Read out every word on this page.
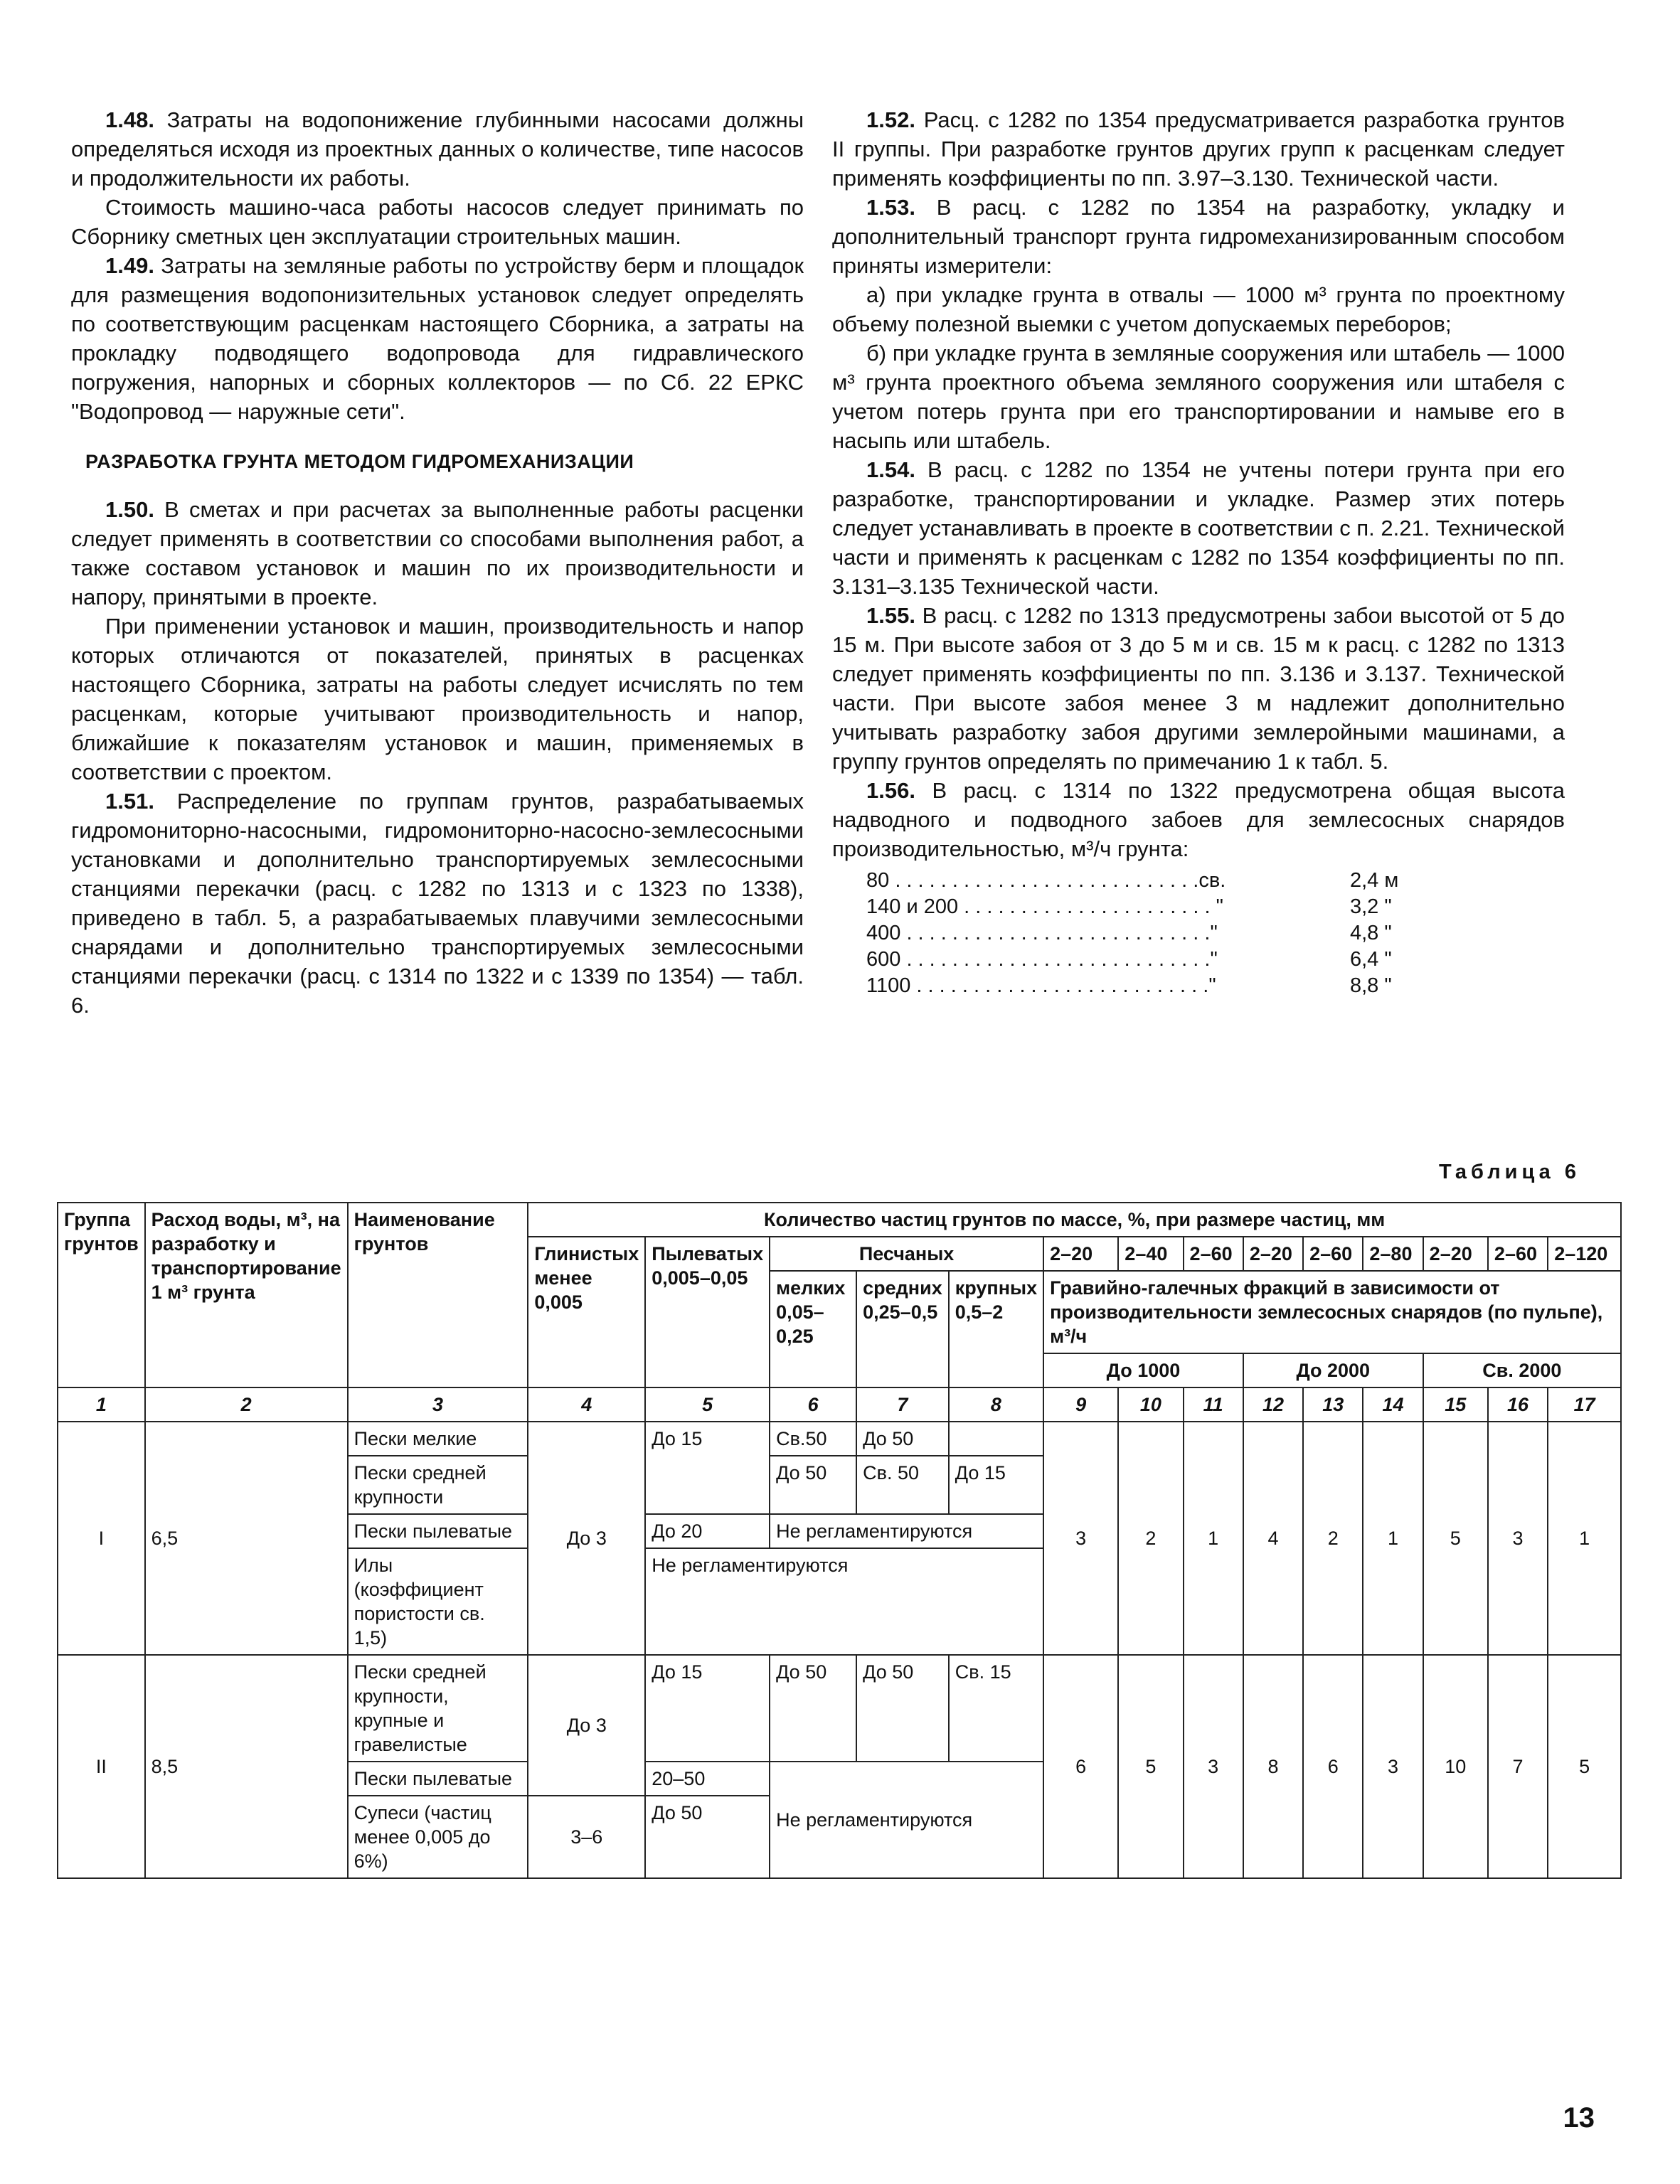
1.48. Затраты на водопонижение глубинными насосами должны определяться исходя из проектных данных о количестве, типе насосов и продолжительности их работы.

Стоимость машино-часа работы насосов следует принимать по Сборнику сметных цен эксплуатации строительных машин.

1.49. Затраты на земляные работы по устройству берм и площадок для размещения водопонизительных установок следует определять по соответствующим расценкам настоящего Сборника, а затраты на прокладку подводящего водопровода для гидравлического погружения, напорных и сборных коллекторов — по Сб. 22 ЕРКС "Водопровод — наружные сети".

РАЗРАБОТКА ГРУНТА МЕТОДОМ ГИДРОМЕХАНИЗАЦИИ

1.50. В сметах и при расчетах за выполненные работы расценки следует применять в соответствии со способами выполнения работ, а также составом установок и машин по их производительности и напору, принятыми в проекте.

При применении установок и машин, производительность и напор которых отличаются от показателей, принятых в расценках настоящего Сборника, затраты на работы следует исчислять по тем расценкам, которые учитывают производительность и напор, ближайшие к показателям установок и машин, применяемых в соответствии с проектом.

1.51. Распределение по группам грунтов, разрабатываемых гидромониторно-насосными, гидромониторно-насосно-землесосными установками и дополнительно транспортируемых землесосными станциями перекачки (расц. с 1282 по 1313 и с 1323 по 1338), приведено в табл. 5, а разрабатываемых плавучими землесосными снарядами и дополнительно транспортируемых землесосными станциями перекачки (расц. с 1314 по 1322 и с 1339 по 1354) — табл. 6.

1.52. Расц. с 1282 по 1354 предусматривается разработка грунтов II группы. При разработке грунтов других групп к расценкам следует применять коэффициенты по пп. 3.97–3.130. Технической части.

1.53. В расц. с 1282 по 1354 на разработку, укладку и дополнительный транспорт грунта гидромеханизированным способом приняты измерители:

а) при укладке грунта в отвалы — 1000 м³ грунта по проектному объему полезной выемки с учетом допускаемых переборов;

б) при укладке грунта в земляные сооружения или штабель — 1000 м³ грунта проектного объема земляного сооружения или штабеля с учетом потерь грунта при его транспортировании и намыве его в насыпь или штабель.

1.54. В расц. с 1282 по 1354 не учтены потери грунта при его разработке, транспортировании и укладке. Размер этих потерь следует устанавливать в проекте в соответствии с п. 2.21. Технической части и применять к расценкам с 1282 по 1354 коэффициенты по пп. 3.131–3.135 Технической части.

1.55. В расц. с 1282 по 1313 предусмотрены забои высотой от 5 до 15 м. При высоте забоя от 3 до 5 м и св. 15 м к расц. с 1282 по 1313 следует применять коэффициенты по пп. 3.136 и 3.137. Технической части. При высоте забоя менее 3 м надлежит дополнительно учитывать разработку забоя другими землеройными машинами, а группу грунтов определять по примечанию 1 к табл. 5.

1.56. В расц. с 1314 по 1322 предусмотрена общая высота надводного и подводного забоев для землесосных снарядов производительностью, м³/ч грунта:

80 . . . . . . . . . . . . . . . . . . . . . . . . . . .св.	2,4 м
140 и 200 . . . . . . . . . . . . . . . . . . . . . . "	3,2 "
400 . . . . . . . . . . . . . . . . . . . . . . . . . . ."	4,8 "
600 . . . . . . . . . . . . . . . . . . . . . . . . . . ."	6,4 "
1100 . . . . . . . . . . . . . . . . . . . . . . . . . ."	8,8 "
Таблица 6
Группа грунтов	Расход воды, м³, на разработку и транспортирование 1 м³ грунта	Наименование грунтов	Количество частиц грунтов по массе, %, при размере частиц, мм													
			Глинистых менее 0,005	Пылеватых 0,005–0,05	Песчаных			2–20	2–40	2–60	2–20	2–60	2–80	2–20	2–60	2–120
					мелких 0,05–0,25	средних 0,25–0,5	крупных 0,5–2	Гравийно-галечных фракций в зависимости от производительности землесосных снарядов (по пульпе), м³/ч								
								До 1000			До 2000			Св. 2000		
1	2	3	4	5	6	7	8	9	10	11	12	13	14	15	16	17
I	6,5	Пески мелкие	До 3	До 15	Св.50	До 50		3	2	1	4	2	1	5	3	1
		Пески средней крупности			До 50	Св. 50	До 15									
		Пески пылеватые		До 20	Не регламентируются											
		Илы (коэффициент пористости св. 1,5)		Не регламентируются												
II	8,5	Пески средней крупности, крупные и гравелистые	До 3	До 15	До 50	До 50	Св. 15	6	5	3	8	6	3	10	7	5
		Пески пылеватые		20–50	Не регламентируются											
		Супеси (частиц менее 0,005 до 6%)	3–6	До 50												
13
